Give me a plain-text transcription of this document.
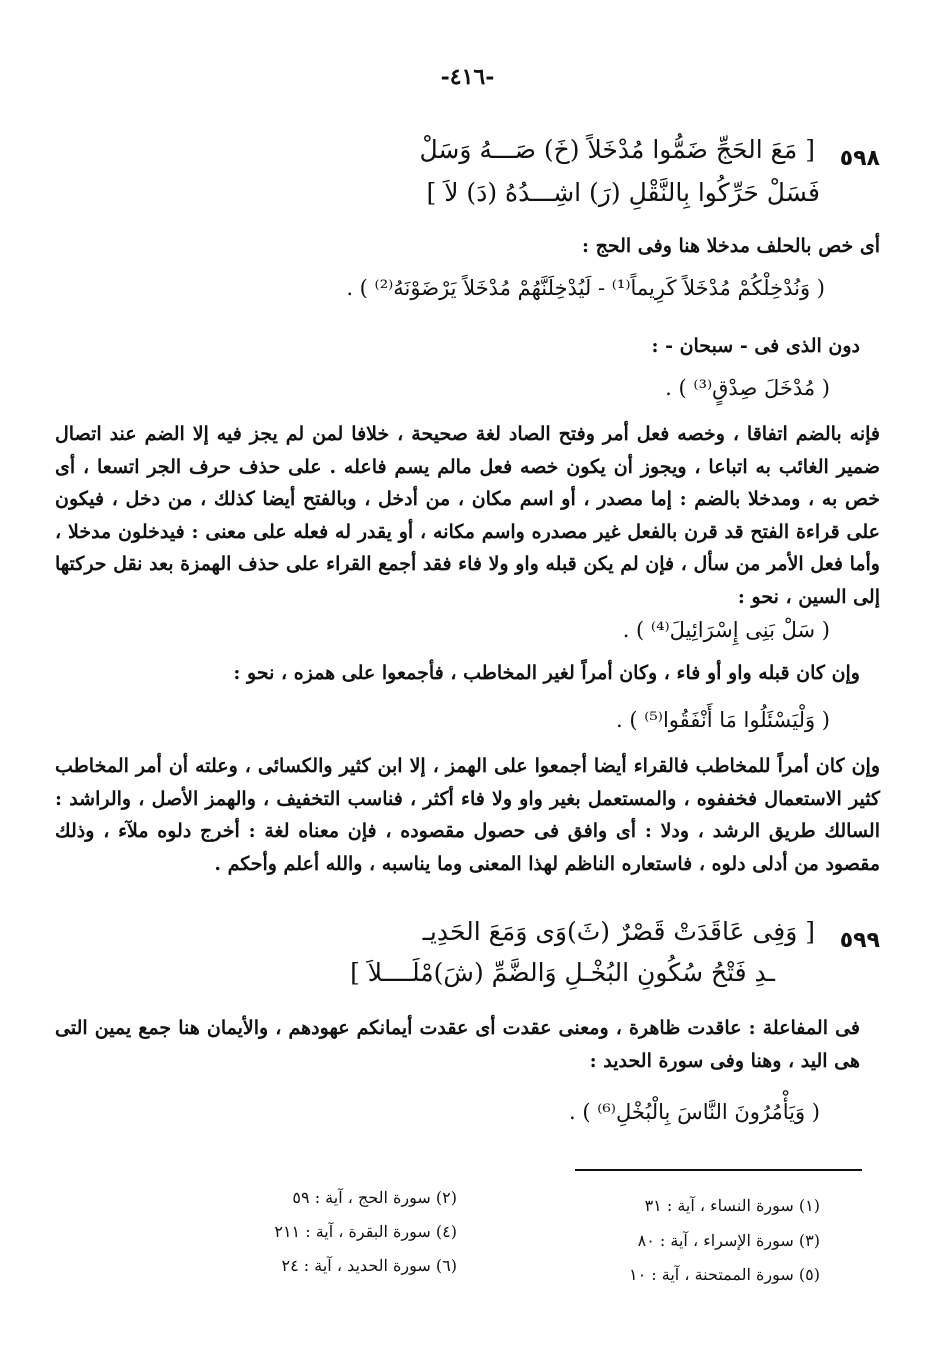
-٤١٦-
٥٩٨
[ مَعَ الحَجِّ ضَمُّوا مُدْخَلاً (خَ) صَـــهُ وَسَلْ
فَسَلْ حَرِّكُوا بِالنَّقْلِ (رَ) اشِـــدُهُ (دَ) لاَ ]
أى خص بالحلف مدخلا هنا وفى الحج :
( وَنُدْخِلْكُمْ مُدْخَلاً كَرِيماً⁽¹⁾ - لَيُدْخِلَنَّهُمْ مُدْخَلاً يَرْضَوْنَهُ⁽²⁾ ) .
دون الذى فى - سبحان - :
( مُدْخَلَ صِدْقٍ⁽³⁾ ) .
فإنه بالضم اتفاقا ، وخصه فعل أمر وفتح الصاد لغة صحيحة ، خلافا لمن لم يجز فيه إلا الضم عند اتصال ضمير الغائب به اتباعا ، ويجوز أن يكون خصه فعل مالم يسم فاعله . على حذف حرف الجر اتسعا ، أى خص به ، ومدخلا بالضم : إما مصدر ، أو اسم مكان ، من أدخل ، وبالفتح أيضا كذلك ، من دخل ، فيكون على قراءة الفتح قد قرن بالفعل غير مصدره واسم مكانه ، أو يقدر له فعله على معنى : فيدخلون مدخلا ، وأما فعل الأمر من سأل ، فإن لم يكن قبله واو ولا فاء فقد أجمع القراء على حذف الهمزة بعد نقل حركتها إلى السين ، نحو :
( سَلْ بَنِى إِسْرَائِيلَ⁽⁴⁾ ) .
وإن كان قبله واو أو فاء ، وكان أمراً لغير المخاطب ، فأجمعوا على همزه ، نحو :
( وَلْيَسْئَلُوا مَا أَنْفَقُوا⁽⁵⁾ ) .
وإن كان أمراً للمخاطب فالقراء أيضا أجمعوا على الهمز ، إلا ابن كثير والكسائى ، وعلته أن أمر المخاطب كثير الاستعمال فخففوه ، والمستعمل بغير واو ولا فاء أكثر ، فناسب التخفيف ، والهمز الأصل ، والراشد : السالك طريق الرشد ، ودلا : أى وافق فى حصول مقصوده ، فإن معناه لغة : أخرج دلوه ملآء ، وذلك مقصود من أدلى دلوه ، فاستعاره الناظم لهذا المعنى وما يناسبه ، والله أعلم وأحكم .
٥٩٩
[ وَفِى عَاقَدَتْ قَصْرٌ (ثَ)وَى وَمَعَ الحَدِيـ
ـدِ فَتْحُ سُكُونِ البُخْـلِ وَالضَّمِّ (شَ)مْلَــــلاَ ]
فى المفاعلة : عاقدت ظاهرة ، ومعنى عقدت أى عقدت أيمانكم عهودهم ، والأيمان هنا جمع يمين التى هى اليد ، وهنا وفى سورة الحديد :
( وَيَأْمُرُونَ النَّاسَ بِالْبُخْلِ⁽⁶⁾ ) .
(١) سورة النساء ، آية : ٣١
(٢) سورة الحج ، آية : ٥٩
(٣) سورة الإسراء ، آية : ٨٠
(٤) سورة البقرة ، آية : ٢١١
(٥) سورة الممتحنة ، آية : ١٠
(٦) سورة الحديد ، آية : ٢٤
